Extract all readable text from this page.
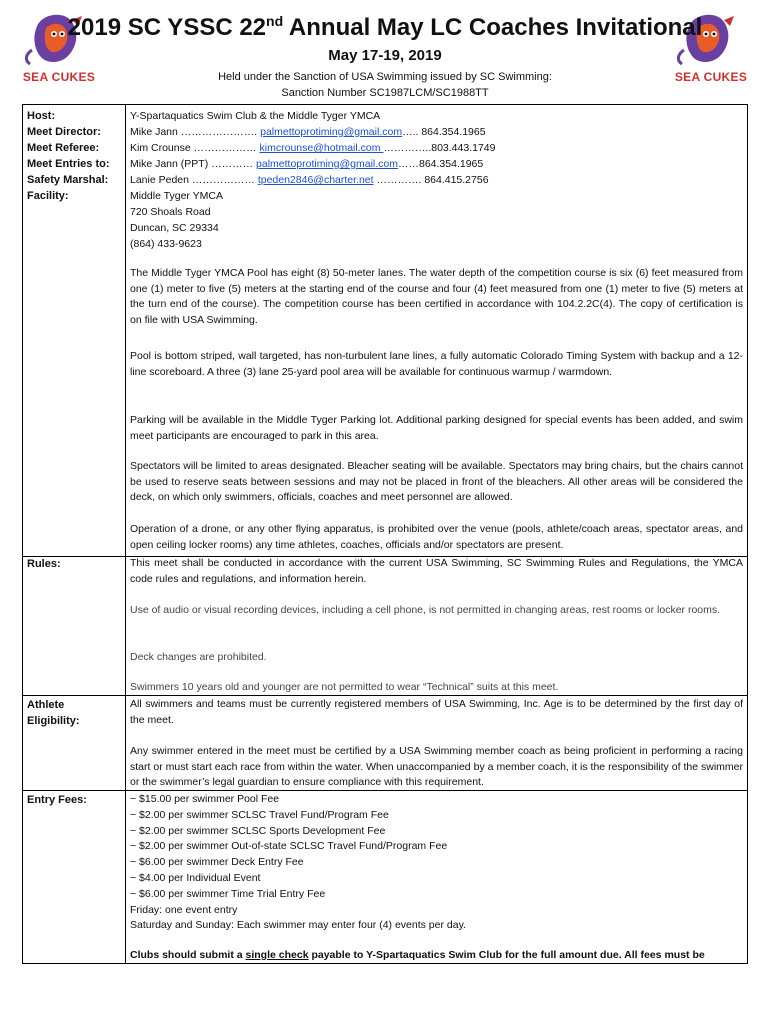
SEA CUKES	SEA CUKES
2019 SC YSSC 22nd Annual May LC Coaches Invitational
May 17-19, 2019
Held under the Sanction of USA Swimming issued by SC Swimming:
Sanction Number SC1987LCM/SC1988TT
Host:
Meet Director:
Meet Referee:
Meet Entries to:
Safety Marshal:
Facility:
Rules:
Athlete
Eligibility:
Entry Fees:
Y-Spartaquatics Swim Club & the Middle Tyger YMCA
Mike Jann …………………. palmettoprotiming@gmail.com….. 864.354.1965
Kim Crounse ……………… kimcrounse@hotmail.com …………..803.443.1749
Mike Jann (PPT) ………… palmettoprotiming@gmail.com……864.354.1965
Lanie Peden ……………… tpeden2846@charter.net …………. 864.415.2756
Middle Tyger YMCA
720 Shoals Road
Duncan, SC 29334
(864) 433-9623
The Middle Tyger YMCA Pool has eight (8) 50-meter lanes. The water depth of the competition course is six (6) feet measured from one (1) meter to five (5) meters at the starting end of the course and four (4) feet measured from one (1) meter to five (5) meters at the turn end of the course). The competition course has been certified in accordance with 104.2.2C(4). The copy of certification is on file with USA Swimming.
Pool is bottom striped, wall targeted, has non-turbulent lane lines, a fully automatic Colorado Timing System with backup and a 12-line scoreboard. A three (3) lane 25-yard pool area will be available for continuous warmup / warmdown.
Parking will be available in the Middle Tyger Parking lot. Additional parking designed for special events has been added, and swim meet participants are encouraged to park in this area.
Spectators will be limited to areas designated. Bleacher seating will be available. Spectators may bring chairs, but the chairs cannot be used to reserve seats between sessions and may not be placed in front of the bleachers. All other areas will be considered the deck, on which only swimmers, officials, coaches and meet personnel are allowed.
Operation of a drone, or any other flying apparatus, is prohibited over the venue (pools, athlete/coach areas, spectator areas, and open ceiling locker rooms) any time athletes, coaches, officials and/or spectators are present.
This meet shall be conducted in accordance with the current USA Swimming, SC Swimming Rules and Regulations, the YMCA code rules and regulations, and information herein.
Use of audio or visual recording devices, including a cell phone, is not permitted in changing areas, rest rooms or locker rooms.
Deck changes are prohibited.
Swimmers 10 years old and younger are not permitted to wear “Technical” suits at this meet.
All swimmers and teams must be currently registered members of USA Swimming, Inc. Age is to be determined by the first day of the meet.
Any swimmer entered in the meet must be certified by a USA Swimming member coach as being proficient in performing a racing start or must start each race from within the water. When unaccompanied by a member coach, it is the responsibility of the swimmer or the swimmer’s legal guardian to ensure compliance with this requirement.
− $15.00 per swimmer Pool Fee
− $2.00 per swimmer SCLSC Travel Fund/Program Fee
− $2.00 per swimmer SCLSC Sports Development Fee
− $2.00 per swimmer Out-of-state SCLSC Travel Fund/Program Fee
− $6.00 per swimmer Deck Entry Fee
− $4.00 per Individual Event
− $6.00 per swimmer Time Trial Entry Fee
Friday: one event entry
Saturday and Sunday: Each swimmer may enter four (4) events per day.
Clubs should submit a single check payable to Y-Spartaquatics Swim Club for the full amount due. All fees must be
